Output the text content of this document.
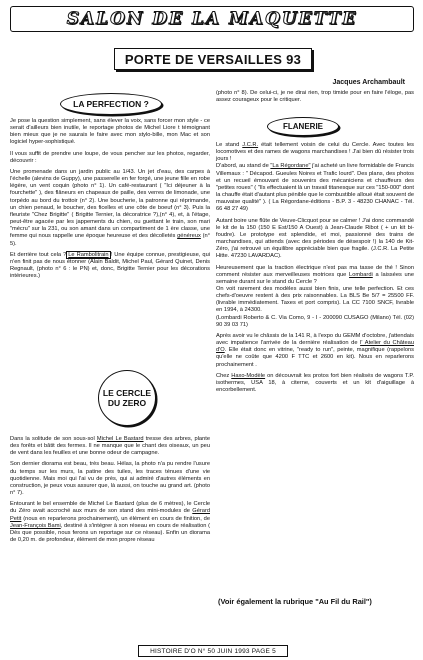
SALON DE LA MAQUETTE
PORTE DE VERSAILLES 93
Jacques Archambault
LA PERFECTION ?
FLANERIE
LE CERCLE
DU ZERO

Je pose la question simplement, sans élever la voix, sans forcer mon style - ce serait d'ailleurs bien inutile, le reportage photos de Michel Liore t témoignant bien mieux que je ne saurais le faire avec mon stylo-bille, mon Mac et son logiciel hyper-sophistiqué.

Il vous suffit de prendre une loupe, de vous pencher sur les photos, regarder, découvrir :

Une promenade dans un jardin public au 1/43. Un jet d'eau, des carpes à l'échelle (alevins de Guppy), une passerelle en fer forgé, une jeune fille en robe légère, un vent coquin (photo n° 1). Un café-restaurant ( "Ici déjeuner à la fourchette" ), des flâneurs en chapeaux de paille, des verres de limonade, une torpédo au bord du trottoir (n° 2). Une boucherie, la patronne qui réprimande, un chien penaud, le boucher, des ficelles et une côte de boeuf (n° 3). Puis la fleuriste "Chez Brigitte" ( Brigitte Ternier, la décoratrice ?),(n° 4), et, à l'étage, peut-être agacée par les jappements du chien, ou guettant le train, son mari "mécru" sur la 231, ou son amant dans un compartiment de 1 ère classe, une femme qui nous rappelle une époque heureuse et des décolletés généreux (n° 5).

Et derrière tout cela ? Le Rambolitrain ! Une équipe connue, prestigieuse, qui n'en finit pas de nous étonner (Alain Baldit, Michel Paul, Gérard Quinet, Denis Regnault, (photo n° 6 : le PN) et, donc, Brigitte Ternier pour les décorations intérieures.)

Dans la solitude de son sous-sol Michel Le Bastard tresse des arbres, plante des forêts et bâtit des fermes. Il ne manque que le chant des oiseaux, un peu de vent dans les feuilles et une bonne odeur de campagne.

Son dernier diorama est beau, très beau. Hélas, la photo n'a pu rendre l'usure du temps sur les murs, la patine des tuiles, les traces ténues d'une vie quotidienne. Mais moi qui l'ai vu de près, qui ai admiré d'autres éléments en construction, je peux vous assurer que, là aussi, on touche au grand art. (photo n° 7).

Entourant le bel ensemble de Michel Le Bastard (plus de 6 mètres), le Cercle du Zéro avait accroché aux murs de son stand des mini-modules de Gérard Petit (nous en reparlerons prochainement), un élément en cours de finition, de Jean-François Bami, destiné à s'intégrer à son réseau en cours de réalisation ( Dès que possible, nous ferons un reportage sur ce réseau). Enfin un diorama de 0,20 m. de profondeur, élément de mon propre réseau

(photo n° 8). De celui-ci, je ne dirai rien, trop timide pour en faire l'éloge, pas assez courageux pour le critiquer.

Le stand J.C.R. était tellement voisin de celui du Cercle. Avec toutes les locomotives et des rames de wagons marchandises ! J'ai bien dû résister trois jours !

D'abord, au stand de "La Régordane" j'ai acheté un livre formidable de Francis Villemaux : " Décapod. Gueules Noires et Trafic lourd". Des plans, des photos et un recueil émouvant de souvenirs des mécaniciens et chauffeurs des "petites roues" ( "Ils effectuaient là un travail titanesque sur ces "150-000" dont la chauffe était d'autant plus pénible que le combustible alloué était souvent de mauvaise qualité" ). ( La Régordane-éditions - B.P. 3 - 48230 CHANAC - Tél. 66 48 27 49)

Autant boire une flûte de Veuve-Clicquot pour se calmer ! J'ai donc commandé le kit de la 150 (150 E Est/150 A Ouest) à Jean-Claude Ribot ( + un kit bi-foudre). Le prototype est splendide, et moi, passionné des trains de marchandises, qui attends (avec des périodes de désespoir !) la 140 de Kit-Zéro, j'ai retrouvé un équilibre appréciable bien que fragile. (J.C.R. La Petite Hitte. 47230 LAVARDAC).

Heureusement que la traction électrique n'est pas ma tasse de thé ! Sinon comment résister aux merveilleuses motrices que Lombardi a laissées une semaine durant sur le stand du Cercle ?

On voit rarement des modèles aussi bien finis, une telle perfection. Et ces chefs-d'oeuvre restent à des prix raisonnables. La BLS Be 5/7 = 25500 FF. (livrable immédiatement. Taxes et port compris). La CC 7100 SNCF, livrable en 1994, à 24300.

(Lombardi Roberto & C. Via Como, 9 - I - 200090 CUSAGO (Milano) Tél. (02) 90 39 03 71)

Après avoir vu le châssis de la 141 R, à l'expo du GEMM d'octobre, j'attendais avec impatience l'arrivée de la dernière réalisation de l' Atelier du Château d'O. Elle était donc en vitrine, "ready to run", peinte, magnifique (rappelons qu'elle ne coûte que 4200 F TTC et 2600 en kit). Nous en reparlerons prochainement .

Chez Haxo-Modèle on découvrait les protos fort bien réalisés de wagons T.P. isothermes, USA 18, à citerne, couverts et un kit d'aiguillage à encorbellement.

(Voir également la rubrique "Au Fil du Rail")
HISTOIRE D'O N° 50 JUIN 1993 PAGE 5
